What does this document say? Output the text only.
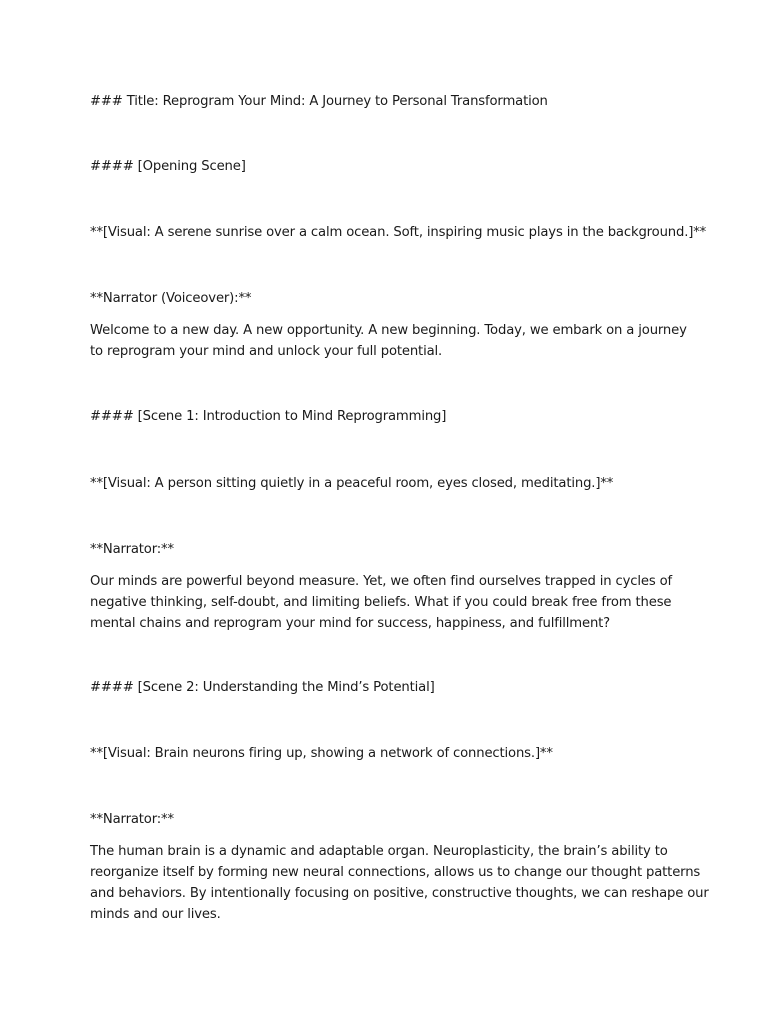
### Title: Reprogram Your Mind: A Journey to Personal Transformation

#### [Opening Scene]

**[Visual: A serene sunrise over a calm ocean. Soft, inspiring music plays in the background.]**

**Narrator (Voiceover):**

Welcome to a new day. A new opportunity. A new beginning. Today, we embark on a journey
to reprogram your mind and unlock your full potential.

#### [Scene 1: Introduction to Mind Reprogramming]

**[Visual: A person sitting quietly in a peaceful room, eyes closed, meditating.]**

**Narrator:**

Our minds are powerful beyond measure. Yet, we often find ourselves trapped in cycles of
negative thinking, self-doubt, and limiting beliefs. What if you could break free from these
mental chains and reprogram your mind for success, happiness, and fulfillment?

#### [Scene 2: Understanding the Mind’s Potential]

**[Visual: Brain neurons firing up, showing a network of connections.]**

**Narrator:**

The human brain is a dynamic and adaptable organ. Neuroplasticity, the brain’s ability to
reorganize itself by forming new neural connections, allows us to change our thought patterns
and behaviors. By intentionally focusing on positive, constructive thoughts, we can reshape our
minds and our lives.
